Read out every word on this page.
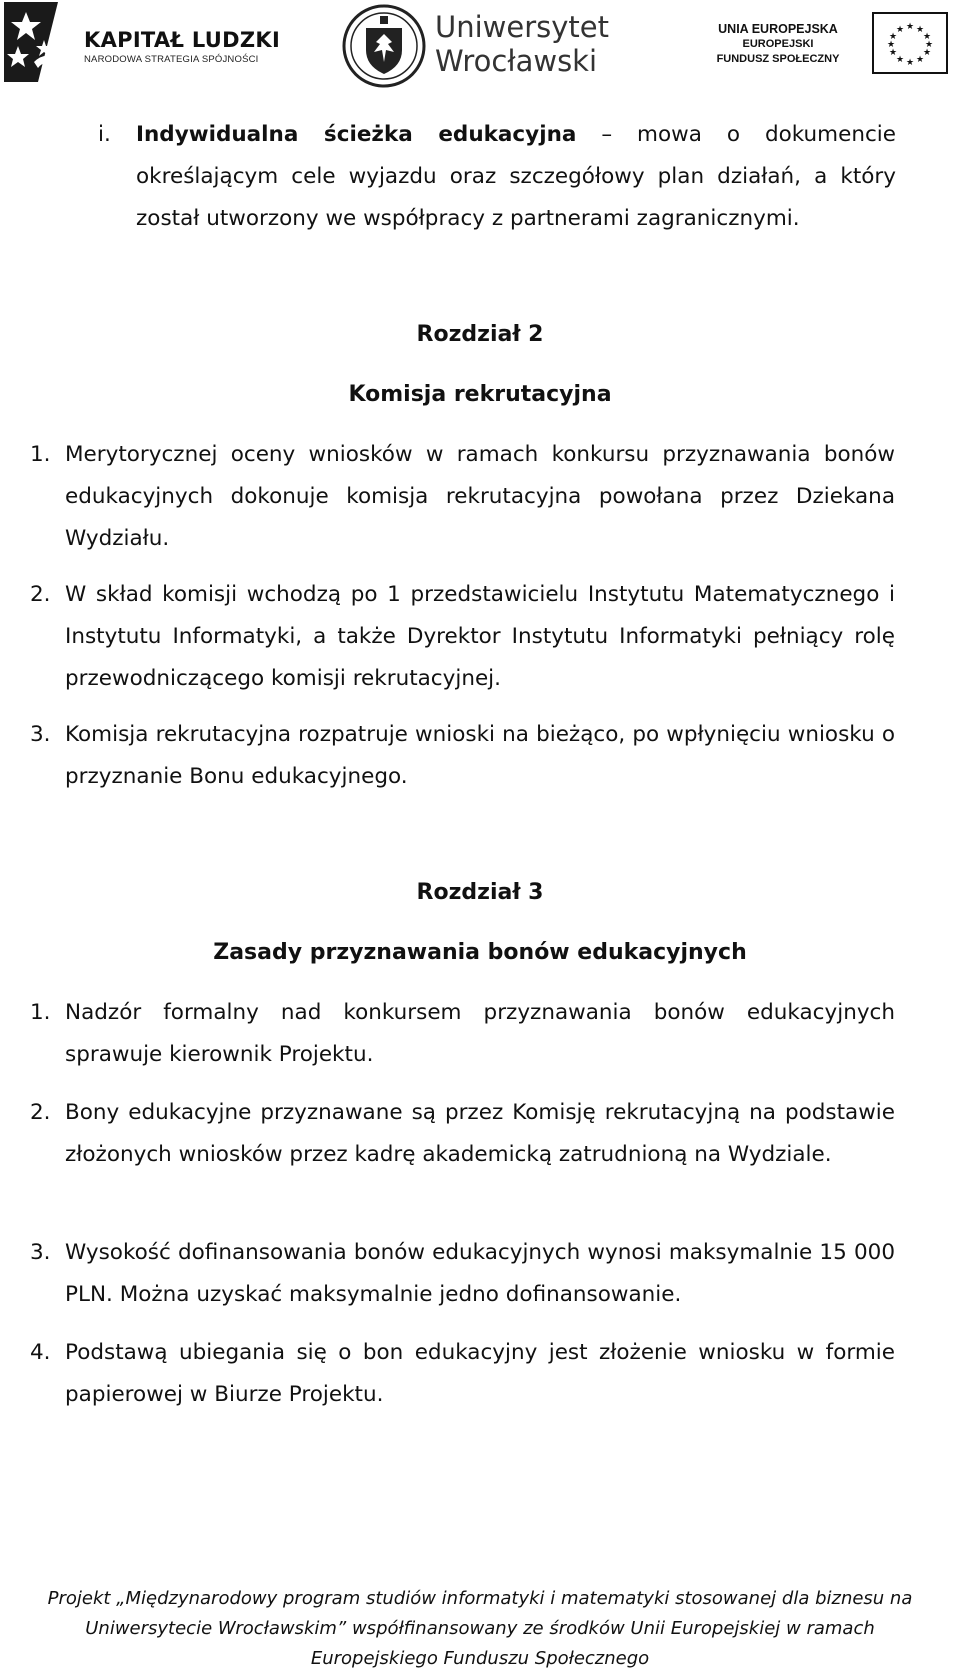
KAPITAŁ LUDZKI
NARODOWA STRATEGIA SPÓJNOŚCI
Uniwersytet
Wrocławski
UNIA EUROPEJSKA
EUROPEJSKI
FUNDUSZ SPOŁECZNY
★ ★
★
★
★
★
★
★
★
★
★
★
i. Indywidualna ścieżka edukacyjna – mowa o dokumencie określającym cele wyjazdu oraz szczegółowy plan działań, a który został utworzony we współpracy z partnerami zagranicznymi.

Rozdział 2
Komisja rekrutacyjna
1. Merytorycznej oceny wniosków w ramach konkursu przyznawania bonów edukacyjnych dokonuje komisja rekrutacyjna powołana przez Dziekana Wydziału.

2. W skład komisji wchodzą po 1 przedstawicielu Instytutu Matematycznego i Instytutu Informatyki, a także Dyrektor Instytutu Informatyki pełniący rolę przewodniczącego komisji rekrutacyjnej.

3. Komisja rekrutacyjna rozpatruje wnioski na bieżąco, po wpłynięciu wniosku o przyznanie Bonu edukacyjnego.

Rozdział 3
Zasady przyznawania bonów edukacyjnych
1. Nadzór formalny nad konkursem przyznawania bonów edukacyjnych sprawuje kierownik Projektu.

2. Bony edukacyjne przyznawane są przez Komisję rekrutacyjną na podstawie złożonych wniosków przez kadrę akademicką zatrudnioną na Wydziale.

3. Wysokość dofinansowania bonów edukacyjnych wynosi maksymalnie 15 000 PLN. Można uzyskać maksymalnie jedno dofinansowanie.

4. Podstawą ubiegania się o bon edukacyjny jest złożenie wniosku w formie papierowej w Biurze Projektu.

Projekt „Międzynarodowy program studiów informatyki i matematyki stosowanej dla biznesu na
Uniwersytecie Wrocławskim” współfinansowany ze środków Unii Europejskiej w ramach
Europejskiego Funduszu Społecznego
